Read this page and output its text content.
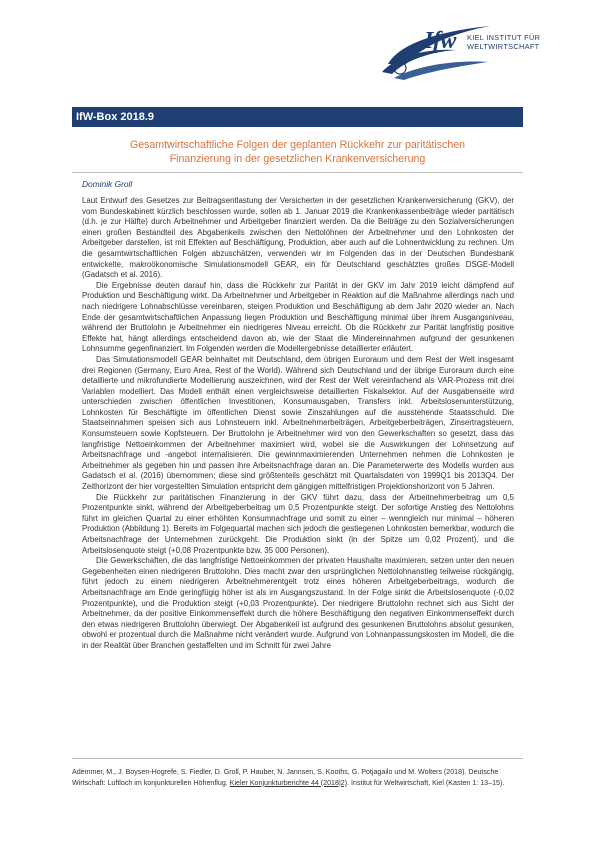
Ifw KIEL INSTITUT FÜR
WELTWIRTSCHAFT
IfW-Box 2018.9
Gesamtwirtschaftliche Folgen der geplanten Rückkehr zur paritätischen
Finanzierung in der gesetzlichen Krankenversicherung
Dominik Groll

Laut Entwurf des Gesetzes zur Beitragsentlastung der Versicherten in der gesetzlichen Krankenversicherung (GKV), der vom Bundeskabinett kürzlich beschlossen wurde, sollen ab 1. Januar 2019 die Krankenkassenbeiträge wieder paritätisch (d.h. je zur Hälfte) durch Arbeitnehmer und Arbeitgeber finanziert werden. Da die Beiträge zu den Sozialversicherungen einen großen Bestandteil des Abgabenkeils zwischen den Nettolöhnen der Arbeitnehmer und den Lohnkosten der Arbeitgeber darstellen, ist mit Effekten auf Beschäftigung, Produktion, aber auch auf die Lohnentwicklung zu rechnen. Um die gesamtwirtschaftlichen Folgen abzuschätzen, verwenden wir im Folgenden das in der Deutschen Bundesbank entwickelte, makroökonomische Simulationsmodell GEAR, ein für Deutschland geschätztes großes DSGE-Modell (Gadatsch et al. 2016).

Die Ergebnisse deuten darauf hin, dass die Rückkehr zur Parität in der GKV im Jahr 2019 leicht dämpfend auf Produktion und Beschäftigung wirkt. Da Arbeitnehmer und Arbeitgeber in Reaktion auf die Maßnahme allerdings nach und nach niedrigere Lohnabschlüsse vereinbaren, steigen Produktion und Beschäftigung ab dem Jahr 2020 wieder an. Nach Ende der gesamtwirtschaftlichen Anpassung liegen Produktion und Beschäftigung minimal über ihrem Ausgangsniveau, während der Bruttolohn je Arbeitnehmer ein niedrigeres Niveau erreicht. Ob die Rückkehr zur Parität langfristig positive Effekte hat, hängt allerdings entscheidend davon ab, wie der Staat die Mindereinnahmen aufgrund der gesunkenen Lohnsumme gegenfinanziert. Im Folgenden werden die Modellergebnisse detaillierter erläutert.

Das Simulationsmodell GEAR beinhaltet mit Deutschland, dem übrigen Euroraum und dem Rest der Welt insgesamt drei Regionen (Germany, Euro Area, Rest of the World). Während sich Deutschland und der übrige Euroraum durch eine detaillierte und mikrofundierte Modellierung auszeichnen, wird der Rest der Welt vereinfachend als VAR-Prozess mit drei Variablen modelliert. Das Modell enthält einen vergleichsweise detaillierten Fiskalsektor. Auf der Ausgabenseite wird unterschieden zwischen öffentlichen Investitionen, Konsumausgaben, Transfers inkl. Arbeitslosenunterstützung, Lohnkosten für Beschäftigte im öffentlichen Dienst sowie Zinszahlungen auf die ausstehende Staatsschuld. Die Staatseinnahmen speisen sich aus Lohnsteuern inkl. Arbeitnehmerbeiträgen, Arbeitgeberbeiträgen, Zinsertragsteuern, Konsumsteuern sowie Kopfsteuern. Der Bruttolohn je Arbeitnehmer wird von den Gewerkschaften so gesetzt, dass das langfristige Nettoeinkommen der Arbeitnehmer maximiert wird, wobei sie die Auswirkungen der Lohnsetzung auf Arbeitsnachfrage und -angebot internalisieren. Die gewinnmaximierenden Unternehmen nehmen die Lohnkosten je Arbeitnehmer als gegeben hin und passen ihre Arbeitsnachfrage daran an. Die Parameterwerte des Modells wurden aus Gadatsch et al. (2016) übernommen; diese sind größtenteils geschätzt mit Quartalsdaten von 1999Q1 bis 2013Q4. Der Zeithorizont der hier vorgestellten Simulation entspricht dem gängigen mittelfristigen Projektionshorizont von 5 Jahren.

Die Rückkehr zur paritätischen Finanzierung in der GKV führt dazu, dass der Arbeitnehmerbeitrag um 0,5 Prozentpunkte sinkt, während der Arbeitgeberbeitrag um 0,5 Prozentpunkte steigt. Der sofortige Anstieg des Nettolohns führt im gleichen Quartal zu einer erhöhten Konsumnachfrage und somit zu einer – wenngleich nur minimal – höheren Produktion (Abbildung 1). Bereits im Folgequartal machen sich jedoch die gestiegenen Lohnkosten bemerkbar, wodurch die Arbeitsnachfrage der Unternehmen zurückgeht. Die Produktion sinkt (in der Spitze um 0,02 Prozent), und die Arbeitslosenquote steigt (+0,08 Prozentpunkte bzw. 35 000 Personen).

Die Gewerkschaften, die das langfristige Nettoeinkommen der privaten Haushalte maximieren, setzen unter den neuen Gegebenheiten einen niedrigeren Bruttolohn. Dies macht zwar den ursprünglichen Nettolohnanstieg teilweise rückgängig, führt jedoch zu einem niedrigeren Arbeitnehmerentgelt trotz eines höheren Arbeitgeberbeitrags, wodurch die Arbeitsnachfrage am Ende geringfügig höher ist als im Ausgangszustand. In der Folge sinkt die Arbeitslosenquote (-0,02 Prozentpunkte), und die Produktion steigt (+0,03 Prozentpunkte). Der niedrigere Bruttolohn rechnet sich aus Sicht der Arbeitnehmer, da der positive Einkommenseffekt durch die höhere Beschäftigung den negativen Einkommenseffekt durch den etwas niedrigeren Bruttolohn überwiegt. Der Abgabenkeil ist aufgrund des gesunkenen Bruttolohns absolut gesunken, obwohl er prozentual durch die Maßnahme nicht verändert wurde. Aufgrund von Lohnanpassungskosten im Modell, die die in der Realität über Branchen gestaffelten und im Schnitt für zwei Jahre

Ademmer, M., J. Boysen-Hogrefe, S. Fiedler, D. Groll, P. Hauber, N. Jannsen, S. Kooths, G. Potjagailo und M. Wolters (2018). Deutsche Wirtschaft: Luftloch im konjunkturellen Höhenflug. Kieler Konjunkturberichte 44 (2018|2). Institut für Weltwirtschaft, Kiel (Kasten 1: 13–15).
